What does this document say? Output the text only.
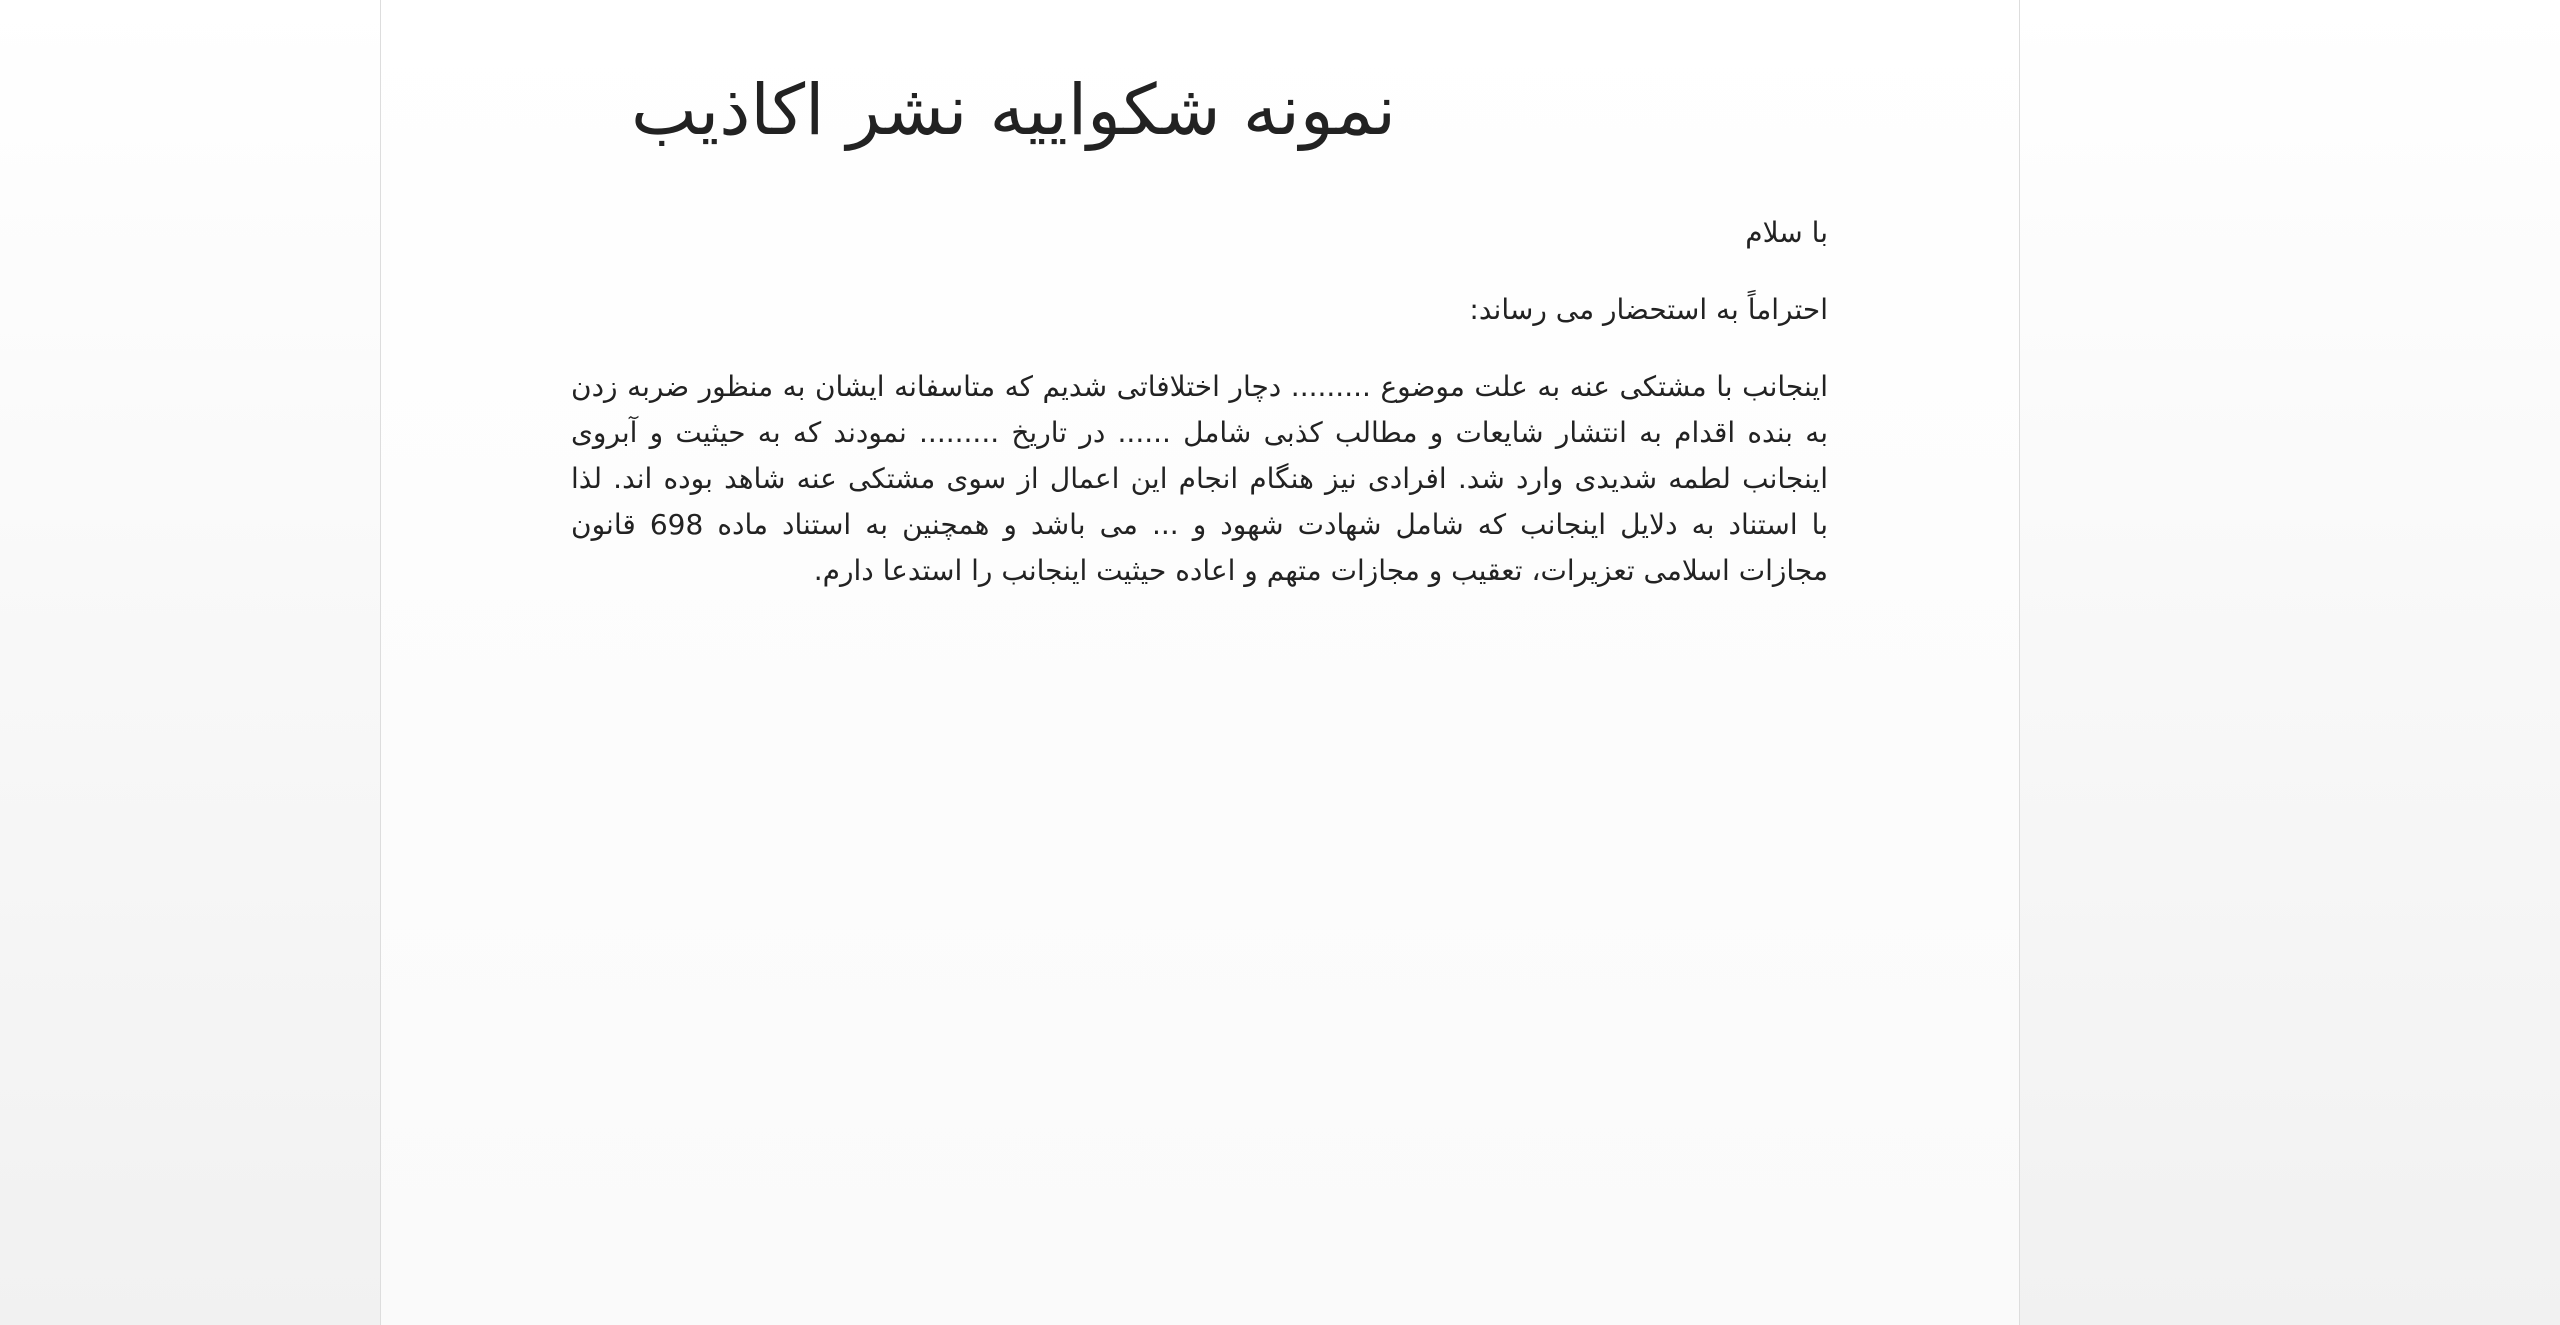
نمونه شکواییه نشر اکاذیب

با سلام

احتراماً به استحضار می رساند:

اینجانب با مشتکی عنه به علت موضوع ......... دچار اختلافاتی شدیم که متاسفانه ایشان به منظور ضربه زدن
به بنده اقدام به انتشار شایعات و مطالب کذبی شامل ...... در تاریخ ......... نمودند که به حیثیت و آبروی
اینجانب لطمه شدیدی وارد شد. افرادی نیز هنگام انجام این اعمال از سوی مشتکی عنه شاهد بوده اند. لذا
با استناد به دلایل اینجانب که شامل شهادت شهود و ... می باشد و همچنین به استناد ماده 698 قانون
مجازات اسلامی تعزیرات، تعقیب و مجازات متهم و اعاده حیثیت اینجانب را استدعا دارم.
